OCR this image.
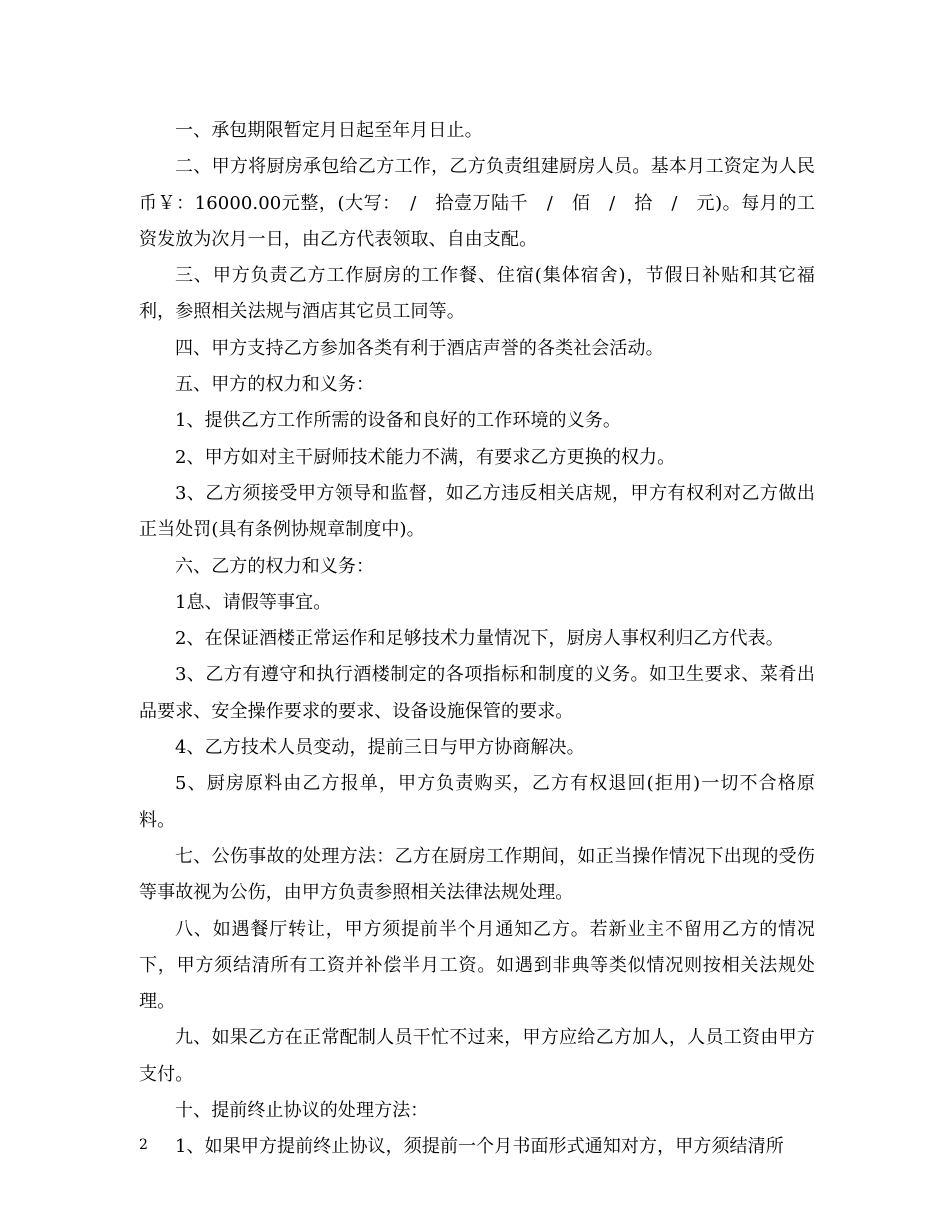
一、承包期限暂定月日起至年月日止。

二、甲方将厨房承包给乙方工作，乙方负责组建厨房人员。基本月工资定为人民币￥：16000.00元整，(大写：　/　拾壹万陆千　/　佰　/　拾　/　元)。每月的工资发放为次月一日，由乙方代表领取、自由支配。

三、甲方负责乙方工作厨房的工作餐、住宿(集体宿舍)，节假日补贴和其它福利，参照相关法规与酒店其它员工同等。

四、甲方支持乙方参加各类有利于酒店声誉的各类社会活动。

五、甲方的权力和义务：

1、提供乙方工作所需的设备和良好的工作环境的义务。

2、甲方如对主干厨师技术能力不满，有要求乙方更换的权力。

3、乙方须接受甲方领导和监督，如乙方违反相关店规，甲方有权利对乙方做出正当处罚(具有条例协规章制度中)。

六、乙方的权力和义务：

1息、请假等事宜。

2、在保证酒楼正常运作和足够技术力量情况下，厨房人事权利归乙方代表。

3、乙方有遵守和执行酒楼制定的各项指标和制度的义务。如卫生要求、菜肴出品要求、安全操作要求的要求、设备设施保管的要求。

4、乙方技术人员变动，提前三日与甲方协商解决。

5、厨房原料由乙方报单，甲方负责购买，乙方有权退回(拒用)一切不合格原料。

七、公伤事故的处理方法：乙方在厨房工作期间，如正当操作情况下出现的受伤等事故视为公伤，由甲方负责参照相关法律法规处理。

八、如遇餐厅转让，甲方须提前半个月通知乙方。若新业主不留用乙方的情况下，甲方须结清所有工资并补偿半月工资。如遇到非典等类似情况则按相关法规处理。

九、如果乙方在正常配制人员干忙不过来，甲方应给乙方加人，人员工资由甲方支付。

十、提前终止协议的处理方法：

1、如果甲方提前终止协议，须提前一个月书面形式通知对方，甲方须结清所

2
